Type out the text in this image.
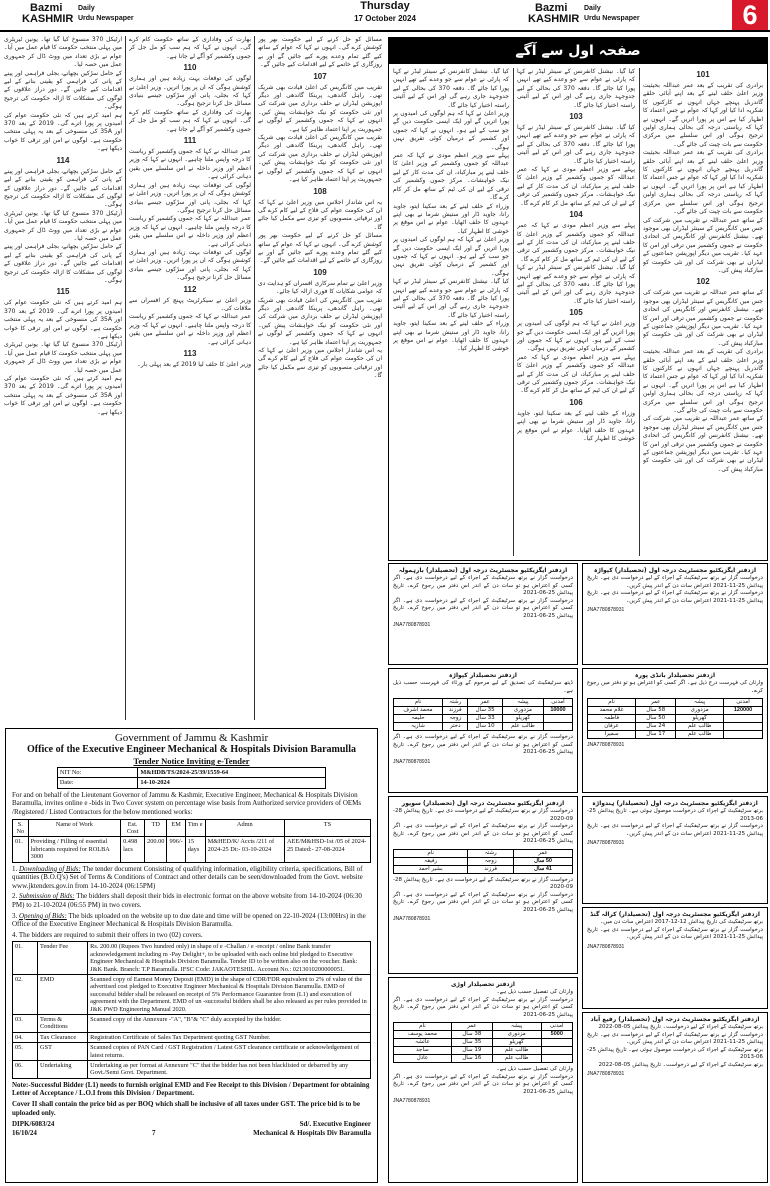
Bazmi
KASHMIR
Daily
Urdu Newspaper
Thursday
17 October 2024
Bazmi
KASHMIR
Daily
Urdu Newspaper	6
مسائل کو حل کرنے کے لیے حکومت بھر پور کوشش کرے گی۔ انہوں نے کہا کہ عوام کے ساتھ کیے گئے تمام وعدے پورے کیے جائیں گے اور بے روزگاری کے خاتمے کے لیے اقدامات کیے جائیں گے۔
107
تقریب میں کانگریس کی اعلیٰ قیادت بھی شریک تھی۔ راہل گاندھی، پرینکا گاندھی اور دیگر اپوزیشن لیڈران نے حلف برداری میں شرکت کی اور نئی حکومت کو نیک خواہشات پیش کیں۔ انہوں نے کہا کہ جموں وکشمیر کے لوگوں نے جمہوریت پر اپنا اعتماد ظاہر کیا ہے۔
تقریب میں کانگریس کی اعلیٰ قیادت بھی شریک تھی۔ راہل گاندھی، پرینکا گاندھی اور دیگر اپوزیشن لیڈران نے حلف برداری میں شرکت کی اور نئی حکومت کو نیک خواہشات پیش کیں۔ انہوں نے کہا کہ جموں وکشمیر کے لوگوں نے جمہوریت پر اپنا اعتماد ظاہر کیا ہے۔
108
یہ اس شاندار اجلاس میں وزیر اعلیٰ نے کہا کہ ان کی حکومت عوام کی فلاح کے لیے کام کرے گی اور ترقیاتی منصوبوں کو تیزی سے مکمل کیا جائے گا۔
مسائل کو حل کرنے کے لیے حکومت بھر پور کوشش کرے گی۔ انہوں نے کہا کہ عوام کے ساتھ کیے گئے تمام وعدے پورے کیے جائیں گے اور بے روزگاری کے خاتمے کے لیے اقدامات کیے جائیں گے۔
109
وزیر اعلیٰ نے تمام سرکاری افسران کو ہدایت دی کہ عوامی شکایات کا فوری ازالہ کیا جائے۔
تقریب میں کانگریس کی اعلیٰ قیادت بھی شریک تھی۔ راہل گاندھی، پرینکا گاندھی اور دیگر اپوزیشن لیڈران نے حلف برداری میں شرکت کی اور نئی حکومت کو نیک خواہشات پیش کیں۔ انہوں نے کہا کہ جموں وکشمیر کے لوگوں نے جمہوریت پر اپنا اعتماد ظاہر کیا ہے۔
یہ اس شاندار اجلاس میں وزیر اعلیٰ نے کہا کہ ان کی حکومت عوام کی فلاح کے لیے کام کرے گی اور ترقیاتی منصوبوں کو تیزی سے مکمل کیا جائے گا۔
بھارت کی وفاداری کے ساتھ حکومت کام کرے گی۔ انہوں نے کہا کہ ہم سب کو مل جل کر جموں وکشمیر کو آگے لے جانا ہے۔
110
لوگوں کی توقعات بہت زیادہ ہیں اور ہماری کوشش ہوگی کہ ان پر پورا اتریں۔ وزیر اعلیٰ نے کہا کہ بجلی، پانی اور سڑکوں جیسے بنیادی مسائل حل کرنا ترجیح ہوگی۔
بھارت کی وفاداری کے ساتھ حکومت کام کرے گی۔ انہوں نے کہا کہ ہم سب کو مل جل کر جموں وکشمیر کو آگے لے جانا ہے۔
111
عمر عبداللہ نے کہا کہ جموں وکشمیر کو ریاست کا درجہ واپس ملنا چاہیے۔ انہوں نے کہا کہ وزیر اعظم اور وزیر داخلہ نے اس سلسلے میں یقین دہانی کرائی ہے۔
لوگوں کی توقعات بہت زیادہ ہیں اور ہماری کوشش ہوگی کہ ان پر پورا اتریں۔ وزیر اعلیٰ نے کہا کہ بجلی، پانی اور سڑکوں جیسے بنیادی مسائل حل کرنا ترجیح ہوگی۔
عمر عبداللہ نے کہا کہ جموں وکشمیر کو ریاست کا درجہ واپس ملنا چاہیے۔ انہوں نے کہا کہ وزیر اعظم اور وزیر داخلہ نے اس سلسلے میں یقین دہانی کرائی ہے۔
لوگوں کی توقعات بہت زیادہ ہیں اور ہماری کوشش ہوگی کہ ان پر پورا اتریں۔ وزیر اعلیٰ نے کہا کہ بجلی، پانی اور سڑکوں جیسے بنیادی مسائل حل کرنا ترجیح ہوگی۔
112
وزیر اعلیٰ نے سیکرٹریٹ پہنچ کر افسران سے ملاقات کی۔
عمر عبداللہ نے کہا کہ جموں وکشمیر کو ریاست کا درجہ واپس ملنا چاہیے۔ انہوں نے کہا کہ وزیر اعظم اور وزیر داخلہ نے اس سلسلے میں یقین دہانی کرائی ہے۔
113
وزیر اعلیٰ کا حلف لیا 2019 کے بعد پہلی بار۔
آرٹیکل 370 منسوخ کیا گیا تھا۔ یونین ٹیریٹری میں پہلی منتخب حکومت کا قیام عمل میں آیا۔ عوام نے بڑی تعداد میں ووٹ ڈال کر جمہوری عمل میں حصہ لیا۔
کے حامل سڑکیں بچھانے، بجلی فراہمی اور پینے کے پانی کی فراہمی کو یقینی بنانے کے لیے اقدامات کیے جائیں گے۔ دور دراز علاقوں کے لوگوں کی مشکلات کا ازالہ حکومت کی ترجیح ہوگی۔
ہم امید کرتے ہیں کہ نئی حکومت عوام کی امیدوں پر پورا اترے گی۔ 2019 کے بعد 370 اور 35A کی منسوخی کے بعد یہ پہلی منتخب حکومت ہے۔ لوگوں نے امن اور ترقی کا خواب دیکھا ہے۔
114
کے حامل سڑکیں بچھانے، بجلی فراہمی اور پینے کے پانی کی فراہمی کو یقینی بنانے کے لیے اقدامات کیے جائیں گے۔ دور دراز علاقوں کے لوگوں کی مشکلات کا ازالہ حکومت کی ترجیح ہوگی۔
آرٹیکل 370 منسوخ کیا گیا تھا۔ یونین ٹیریٹری میں پہلی منتخب حکومت کا قیام عمل میں آیا۔ عوام نے بڑی تعداد میں ووٹ ڈال کر جمہوری عمل میں حصہ لیا۔
کے حامل سڑکیں بچھانے، بجلی فراہمی اور پینے کے پانی کی فراہمی کو یقینی بنانے کے لیے اقدامات کیے جائیں گے۔ دور دراز علاقوں کے لوگوں کی مشکلات کا ازالہ حکومت کی ترجیح ہوگی۔
115
ہم امید کرتے ہیں کہ نئی حکومت عوام کی امیدوں پر پورا اترے گی۔ 2019 کے بعد 370 اور 35A کی منسوخی کے بعد یہ پہلی منتخب حکومت ہے۔ لوگوں نے امن اور ترقی کا خواب دیکھا ہے۔
آرٹیکل 370 منسوخ کیا گیا تھا۔ یونین ٹیریٹری میں پہلی منتخب حکومت کا قیام عمل میں آیا۔ عوام نے بڑی تعداد میں ووٹ ڈال کر جمہوری عمل میں حصہ لیا۔
ہم امید کرتے ہیں کہ نئی حکومت عوام کی امیدوں پر پورا اترے گی۔ 2019 کے بعد 370 اور 35A کی منسوخی کے بعد یہ پہلی منتخب حکومت ہے۔ لوگوں نے امن اور ترقی کا خواب دیکھا ہے۔
صفحہ اول سے آگے
101
برادری کی تقریب کے بعد عمر عبداللہ بحیثیت وزیر اعلیٰ حلف لینے کے بعد اپنے آبائی حلقے گاندربل پہنچے جہاں انہوں نے کارکنوں کا شکریہ ادا کیا اور کہا کہ عوام نے جس اعتماد کا اظہار کیا ہے اس پر پورا اتریں گے۔ انہوں نے کہا کہ ریاستی درجہ کی بحالی ہماری اولین ترجیح ہوگی اور اس سلسلے میں مرکزی حکومت سے بات چیت کی جائے گی۔
برادری کی تقریب کے بعد عمر عبداللہ بحیثیت وزیر اعلیٰ حلف لینے کے بعد اپنے آبائی حلقے گاندربل پہنچے جہاں انہوں نے کارکنوں کا شکریہ ادا کیا اور کہا کہ عوام نے جس اعتماد کا اظہار کیا ہے اس پر پورا اتریں گے۔ انہوں نے کہا کہ ریاستی درجہ کی بحالی ہماری اولین ترجیح ہوگی اور اس سلسلے میں مرکزی حکومت سے بات چیت کی جائے گی۔
کے ساتھ عمر عبداللہ نے تقریب میں شرکت کی جس میں کانگریس کے سینئر لیڈران بھی موجود تھے۔ نیشنل کانفرنس اور کانگریس کی اتحادی حکومت نے جموں وکشمیر میں ترقی اور امن کا عہد کیا۔ تقریب میں دیگر اپوزیشن جماعتوں کے لیڈران نے بھی شرکت کی اور نئی حکومت کو مبارکباد پیش کی۔
102
کے ساتھ عمر عبداللہ نے تقریب میں شرکت کی جس میں کانگریس کے سینئر لیڈران بھی موجود تھے۔ نیشنل کانفرنس اور کانگریس کی اتحادی حکومت نے جموں وکشمیر میں ترقی اور امن کا عہد کیا۔ تقریب میں دیگر اپوزیشن جماعتوں کے لیڈران نے بھی شرکت کی اور نئی حکومت کو مبارکباد پیش کی۔
برادری کی تقریب کے بعد عمر عبداللہ بحیثیت وزیر اعلیٰ حلف لینے کے بعد اپنے آبائی حلقے گاندربل پہنچے جہاں انہوں نے کارکنوں کا شکریہ ادا کیا اور کہا کہ عوام نے جس اعتماد کا اظہار کیا ہے اس پر پورا اتریں گے۔ انہوں نے کہا کہ ریاستی درجہ کی بحالی ہماری اولین ترجیح ہوگی اور اس سلسلے میں مرکزی حکومت سے بات چیت کی جائے گی۔
کے ساتھ عمر عبداللہ نے تقریب میں شرکت کی جس میں کانگریس کے سینئر لیڈران بھی موجود تھے۔ نیشنل کانفرنس اور کانگریس کی اتحادی حکومت نے جموں وکشمیر میں ترقی اور امن کا عہد کیا۔ تقریب میں دیگر اپوزیشن جماعتوں کے لیڈران نے بھی شرکت کی اور نئی حکومت کو مبارکباد پیش کی۔
کیا گیا۔ نیشنل کانفرنس کے سینئر لیڈر نے کہا کہ پارٹی نے عوام سے جو وعدے کیے تھے انہیں پورا کیا جائے گا۔ دفعہ 370 کی بحالی کے لیے جدوجہد جاری رہے گی اور اس کے لیے آئینی راستہ اختیار کیا جائے گا۔
103
کیا گیا۔ نیشنل کانفرنس کے سینئر لیڈر نے کہا کہ پارٹی نے عوام سے جو وعدے کیے تھے انہیں پورا کیا جائے گا۔ دفعہ 370 کی بحالی کے لیے جدوجہد جاری رہے گی اور اس کے لیے آئینی راستہ اختیار کیا جائے گا۔
پہلے سے وزیر اعظم مودی نے کہا کہ عمر عبداللہ کو جموں وکشمیر کے وزیر اعلیٰ کا حلف لینے پر مبارکباد، ان کی مدت کار کے لیے نیک خواہشات۔ مرکز جموں وکشمیر کی ترقی کے لیے ان کی ٹیم کے ساتھ مل کر کام کرے گا۔
104
پہلے سے وزیر اعظم مودی نے کہا کہ عمر عبداللہ کو جموں وکشمیر کے وزیر اعلیٰ کا حلف لینے پر مبارکباد، ان کی مدت کار کے لیے نیک خواہشات۔ مرکز جموں وکشمیر کی ترقی کے لیے ان کی ٹیم کے ساتھ مل کر کام کرے گا۔
کیا گیا۔ نیشنل کانفرنس کے سینئر لیڈر نے کہا کہ پارٹی نے عوام سے جو وعدے کیے تھے انہیں پورا کیا جائے گا۔ دفعہ 370 کی بحالی کے لیے جدوجہد جاری رہے گی اور اس کے لیے آئینی راستہ اختیار کیا جائے گا۔
105
وزیر اعلیٰ نے کہا کہ ہم لوگوں کی امیدوں پر پورا اتریں گے اور ایک ایسی حکومت دیں گے جو سب کے لیے ہو۔ انہوں نے کہا کہ جموں اور کشمیر کے درمیان کوئی تفریق نہیں ہوگی۔
پہلے سے وزیر اعظم مودی نے کہا کہ عمر عبداللہ کو جموں وکشمیر کے وزیر اعلیٰ کا حلف لینے پر مبارکباد، ان کی مدت کار کے لیے نیک خواہشات۔ مرکز جموں وکشمیر کی ترقی کے لیے ان کی ٹیم کے ساتھ مل کر کام کرے گا۔
106
وزراء کے حلف لینے کے بعد سکینا ایتو، جاوید رانا، جاوید ڈار اور ستیش شرما نے بھی اپنے عہدوں کا حلف اٹھایا۔ عوام نے اس موقع پر خوشی کا اظہار کیا۔
کیا گیا۔ نیشنل کانفرنس کے سینئر لیڈر نے کہا کہ پارٹی نے عوام سے جو وعدے کیے تھے انہیں پورا کیا جائے گا۔ دفعہ 370 کی بحالی کے لیے جدوجہد جاری رہے گی اور اس کے لیے آئینی راستہ اختیار کیا جائے گا۔
وزیر اعلیٰ نے کہا کہ ہم لوگوں کی امیدوں پر پورا اتریں گے اور ایک ایسی حکومت دیں گے جو سب کے لیے ہو۔ انہوں نے کہا کہ جموں اور کشمیر کے درمیان کوئی تفریق نہیں ہوگی۔
پہلے سے وزیر اعظم مودی نے کہا کہ عمر عبداللہ کو جموں وکشمیر کے وزیر اعلیٰ کا حلف لینے پر مبارکباد، ان کی مدت کار کے لیے نیک خواہشات۔ مرکز جموں وکشمیر کی ترقی کے لیے ان کی ٹیم کے ساتھ مل کر کام کرے گا۔
وزراء کے حلف لینے کے بعد سکینا ایتو، جاوید رانا، جاوید ڈار اور ستیش شرما نے بھی اپنے عہدوں کا حلف اٹھایا۔ عوام نے اس موقع پر خوشی کا اظہار کیا۔
وزیر اعلیٰ نے کہا کہ ہم لوگوں کی امیدوں پر پورا اتریں گے اور ایک ایسی حکومت دیں گے جو سب کے لیے ہو۔ انہوں نے کہا کہ جموں اور کشمیر کے درمیان کوئی تفریق نہیں ہوگی۔
کیا گیا۔ نیشنل کانفرنس کے سینئر لیڈر نے کہا کہ پارٹی نے عوام سے جو وعدے کیے تھے انہیں پورا کیا جائے گا۔ دفعہ 370 کی بحالی کے لیے جدوجہد جاری رہے گی اور اس کے لیے آئینی راستہ اختیار کیا جائے گا۔
وزراء کے حلف لینے کے بعد سکینا ایتو، جاوید رانا، جاوید ڈار اور ستیش شرما نے بھی اپنے عہدوں کا حلف اٹھایا۔ عوام نے اس موقع پر خوشی کا اظہار کیا۔
ازدفتر ایگزیکٹیو مجسٹریٹ درجہ اول (تحصیلدار) بارہمولہ
درخواست گزار نے برتھ سرٹیفکیٹ کے اجراء کے لیے درخواست دی ہے۔ اگر کسی کو اعتراض ہو تو سات دن کے اندر اس دفتر میں رجوع کرے۔ تاریخ پیدائش 25-06-2021
درخواست گزار نے برتھ سرٹیفکیٹ کے اجراء کے لیے درخواست دی ہے۔ اگر کسی کو اعتراض ہو تو سات دن کے اندر اس دفتر میں رجوع کرے۔ تاریخ پیدائش 25-06-2021
JNA7780878931
ازدفتر تحصیلدار کپواڑہ
ڈیتھ سرٹیفکیٹ کی تصدیق کے لیے مرحوم کے ورثاء کی فہرست حسب ذیل ہے۔
آمدنی	پیشہ	عمر	رشتہ	نام
10000	مزدوری	35 سال	فرزند	محمد اشرف
	گھریلو	33 سال	زوجہ	حلیمہ
	طالب علم	10 سال	دختر	شازیہ
درخواست گزار نے برتھ سرٹیفکیٹ کے اجراء کے لیے درخواست دی ہے۔ اگر کسی کو اعتراض ہو تو سات دن کے اندر اس دفتر میں رجوع کرے۔ تاریخ پیدائش 25-06-2021
JNA7780878931
ازدفتر ایگزیکٹیو مجسٹریٹ درجہ اول (تحصیلدار) سوپور
درخواست گزار نے برتھ سرٹیفکیٹ کے لیے درخواست دی ہے۔ تاریخ پیدائش 28-09-2020
درخواست گزار نے برتھ سرٹیفکیٹ کے اجراء کے لیے درخواست دی ہے۔ اگر کسی کو اعتراض ہو تو سات دن کے اندر اس دفتر میں رجوع کرے۔ تاریخ پیدائش 25-06-2021
عمر	رشتہ	نام
50 سال	زوجہ	رفیقہ
41 سال	فرزند	بشیر احمد
درخواست گزار نے برتھ سرٹیفکیٹ کے لیے درخواست دی ہے۔ تاریخ پیدائش 28-09-2020
درخواست گزار نے برتھ سرٹیفکیٹ کے اجراء کے لیے درخواست دی ہے۔ اگر کسی کو اعتراض ہو تو سات دن کے اندر اس دفتر میں رجوع کرے۔ تاریخ پیدائش 25-06-2021
JNA7780878931
ازدفتر تحصیلدار اوڑی
وارثان کی تفصیل حسب ذیل ہے۔
درخواست گزار نے برتھ سرٹیفکیٹ کے اجراء کے لیے درخواست دی ہے۔ اگر کسی کو اعتراض ہو تو سات دن کے اندر اس دفتر میں رجوع کرے۔ تاریخ پیدائش 25-06-2021
آمدنی	پیشہ	عمر	نام
5000	مزدوری	38 سال	محمد یوسف
	گھریلو	35 سال	عائشہ
	طالب علم	19 سال	ساجد
	طالب علم	16 سال	عادل
وارثان کی تفصیل حسب ذیل ہے۔
درخواست گزار نے برتھ سرٹیفکیٹ کے اجراء کے لیے درخواست دی ہے۔ اگر کسی کو اعتراض ہو تو سات دن کے اندر اس دفتر میں رجوع کرے۔ تاریخ پیدائش 25-06-2021
JNA7780878931
ازدفتر ایگزیکٹیو مجسٹریٹ درجہ اول (تحصیلدار) کپواڑہ
درخواست گزار نے برتھ سرٹیفکیٹ کے اجراء کے لیے درخواست دی ہے۔ تاریخ پیدائش 25-11-2021 اعتراض سات دن کے اندر پیش کریں۔
درخواست گزار نے برتھ سرٹیفکیٹ کے اجراء کے لیے درخواست دی ہے۔ تاریخ پیدائش 25-11-2021 اعتراض سات دن کے اندر پیش کریں۔
JNA7780878931
ازدفتر تحصیلدار بانڈی پورہ
وارثان کی فہرست درج ذیل ہے۔ اگر کسی کو اعتراض ہو تو دفتر میں رجوع کرے۔
آمدنی	پیشہ	عمر	نام
120000	مزدوری	58 سال	غلام محمد
	گھریلو	50 سال	فاطمہ
	طالب علم	24 سال	عرفان
	طالب علم	17 سال	سمیرا
JNA7780878931
ازدفتر ایگزیکٹیو مجسٹریٹ درجہ اول (تحصیلدار) ہندواڑہ
برتھ سرٹیفکیٹ کے اجراء کی درخواست موصول ہوئی ہے۔ تاریخ پیدائش 25-06-2013
درخواست گزار نے برتھ سرٹیفکیٹ کے اجراء کے لیے درخواست دی ہے۔ تاریخ پیدائش 25-11-2021 اعتراض سات دن کے اندر پیش کریں۔
JNA7780878931
ازدفتر ایگزیکٹیو مجسٹریٹ درجہ اول (تحصیلدار) کرالہ گنڈ
برتھ سرٹیفکیٹ کی تاریخ پیدائش 12-12-2017 اعتراض سات دن میں۔
درخواست گزار نے برتھ سرٹیفکیٹ کے اجراء کے لیے درخواست دی ہے۔ تاریخ پیدائش 25-11-2021 اعتراض سات دن کے اندر پیش کریں۔
JNA7780878931
ازدفتر ایگزیکٹیو مجسٹریٹ درجہ اول (تحصیلدار) رفیع آباد
برتھ سرٹیفکیٹ کے اجراء کے لیے درخواست۔ تاریخ پیدائش 05-08-2022
درخواست گزار نے برتھ سرٹیفکیٹ کے اجراء کے لیے درخواست دی ہے۔ تاریخ پیدائش 25-11-2021 اعتراض سات دن کے اندر پیش کریں۔
برتھ سرٹیفکیٹ کے اجراء کی درخواست موصول ہوئی ہے۔ تاریخ پیدائش 25-06-2013
برتھ سرٹیفکیٹ کے اجراء کے لیے درخواست۔ تاریخ پیدائش 05-08-2022
JNA7780878931
Government of Jammu & Kashmir
Office of the Executive Engineer Mechanical & Hospitals Division Baramulla
Tender Notice Inviting e-Tender
NIT No:	M&HDB/TS/2024-25/39/1559-64
Date:	14-10-2024

For and on behalf of the Lieutenant Governor of Jammu & Kashmir, Executive Engineer, Mechanical & Hospitals Division Baramulla, invites online e -bids in Two Cover system on percentage wise basis from Authorized service providers of OEMs /Registered / Listed Contractors for the below mentioned works:

S. No	Name of Work	Est. Cost	TD	EM	Tim e	Admn	TS
01.	Providing / Filling of essential lubricants required for ROLBA 3000	0.498 lacs	200.00	996/-	15 days	M&HED/K/ Accts /211 of 2024-25 Dt:- 03-10-2024	AEE/M&HSD-1st /05 of 2024-25 Dated:- 27-08-2024

1. Downloading of Bids: The tender document Consisting of qualifying information, eligibility criteria, specifications, Bill of quantities (B.O.Q's) Set of Terms & Conditions of Contract and other details can be seen/downloaded from the Govt. website www.jktenders.gov.in from 14-10-2024 (06:15PM)

2. Submission of Bids: The bidders shall deposit their bids in electronic format on the above website from 14-10-2024 (06:30 PM) to 21-10-2024 (06:55 PM) in two covers.

3. Opening of Bids: The bids uploaded on the website up to due date and time will be opened on 22-10-2024 (13:00Hrs) in the Office of the Executive Engineer Mechanical & Hospitals Division Baramulla.

4. The bidders are required to submit their offers in two (02) covers.

01.	Tender Fee	Rs. 200.00 (Rupees Two hundred only) in shape of e -Challan / e -receipt / online Bank transfer acknowledgement including m -Pay Delight+, to be uploaded with each online bid pledged to Executive Engineer Mechanical & Hospitals Division Baramulla. Tender ID to be written also on the voucher. Bank: J&K Bank. Branch: T.P Baramulla. IFSC Code: JAKAOTESHIL. Account No.: 0213010200000051.
02.	EMD	Scanned copy of Earnest Money Deposit (EMD) in the shape of CDR/FDR equivalent to 2% of value of the advertised cost pledged to Executive Engineer Mechanical & Hospitals Division Baramulla. EMD of successful bidder shall be released on receipt of 5% Performance Guarantee from (L1) and execution of agreement with the Department. EMD of un -successful bidders shall be also released as per rules provided in J&K PWD Engineering Manual 2020.
03.	Terms & Conditions	Scanned copy of the Annexure -"A", "B"& "C" duly accepted by the bidder.
04.	Tax Clearance	Registration Certificate of Sales Tax Department quoting GST Number.
05.	GST	Scanned copies of PAN Card / GST Registration / Latest GST clearance certificate or acknowledgement of latest returns.
06.	Undertaking	Undertaking as per format at Annexure "C" that the bidder has not been blacklisted or debarred by any Govt./Semi Govt. Department.

Note:-Successful Bidder (L1) needs to furnish original EMD and Fee Receipt to this Division / Department for obtaining Letter of Acceptance / L.O.I from this Division / Department.

Cover II shall contain the price bid as per BOQ which shall be inclusive of all taxes under GST. The price bid is to be uploaded only.

DIPK/6083/24
16/10/24	7
Sd/. Executive Engineer
Mechanical & Hospitals Div Baramulla
